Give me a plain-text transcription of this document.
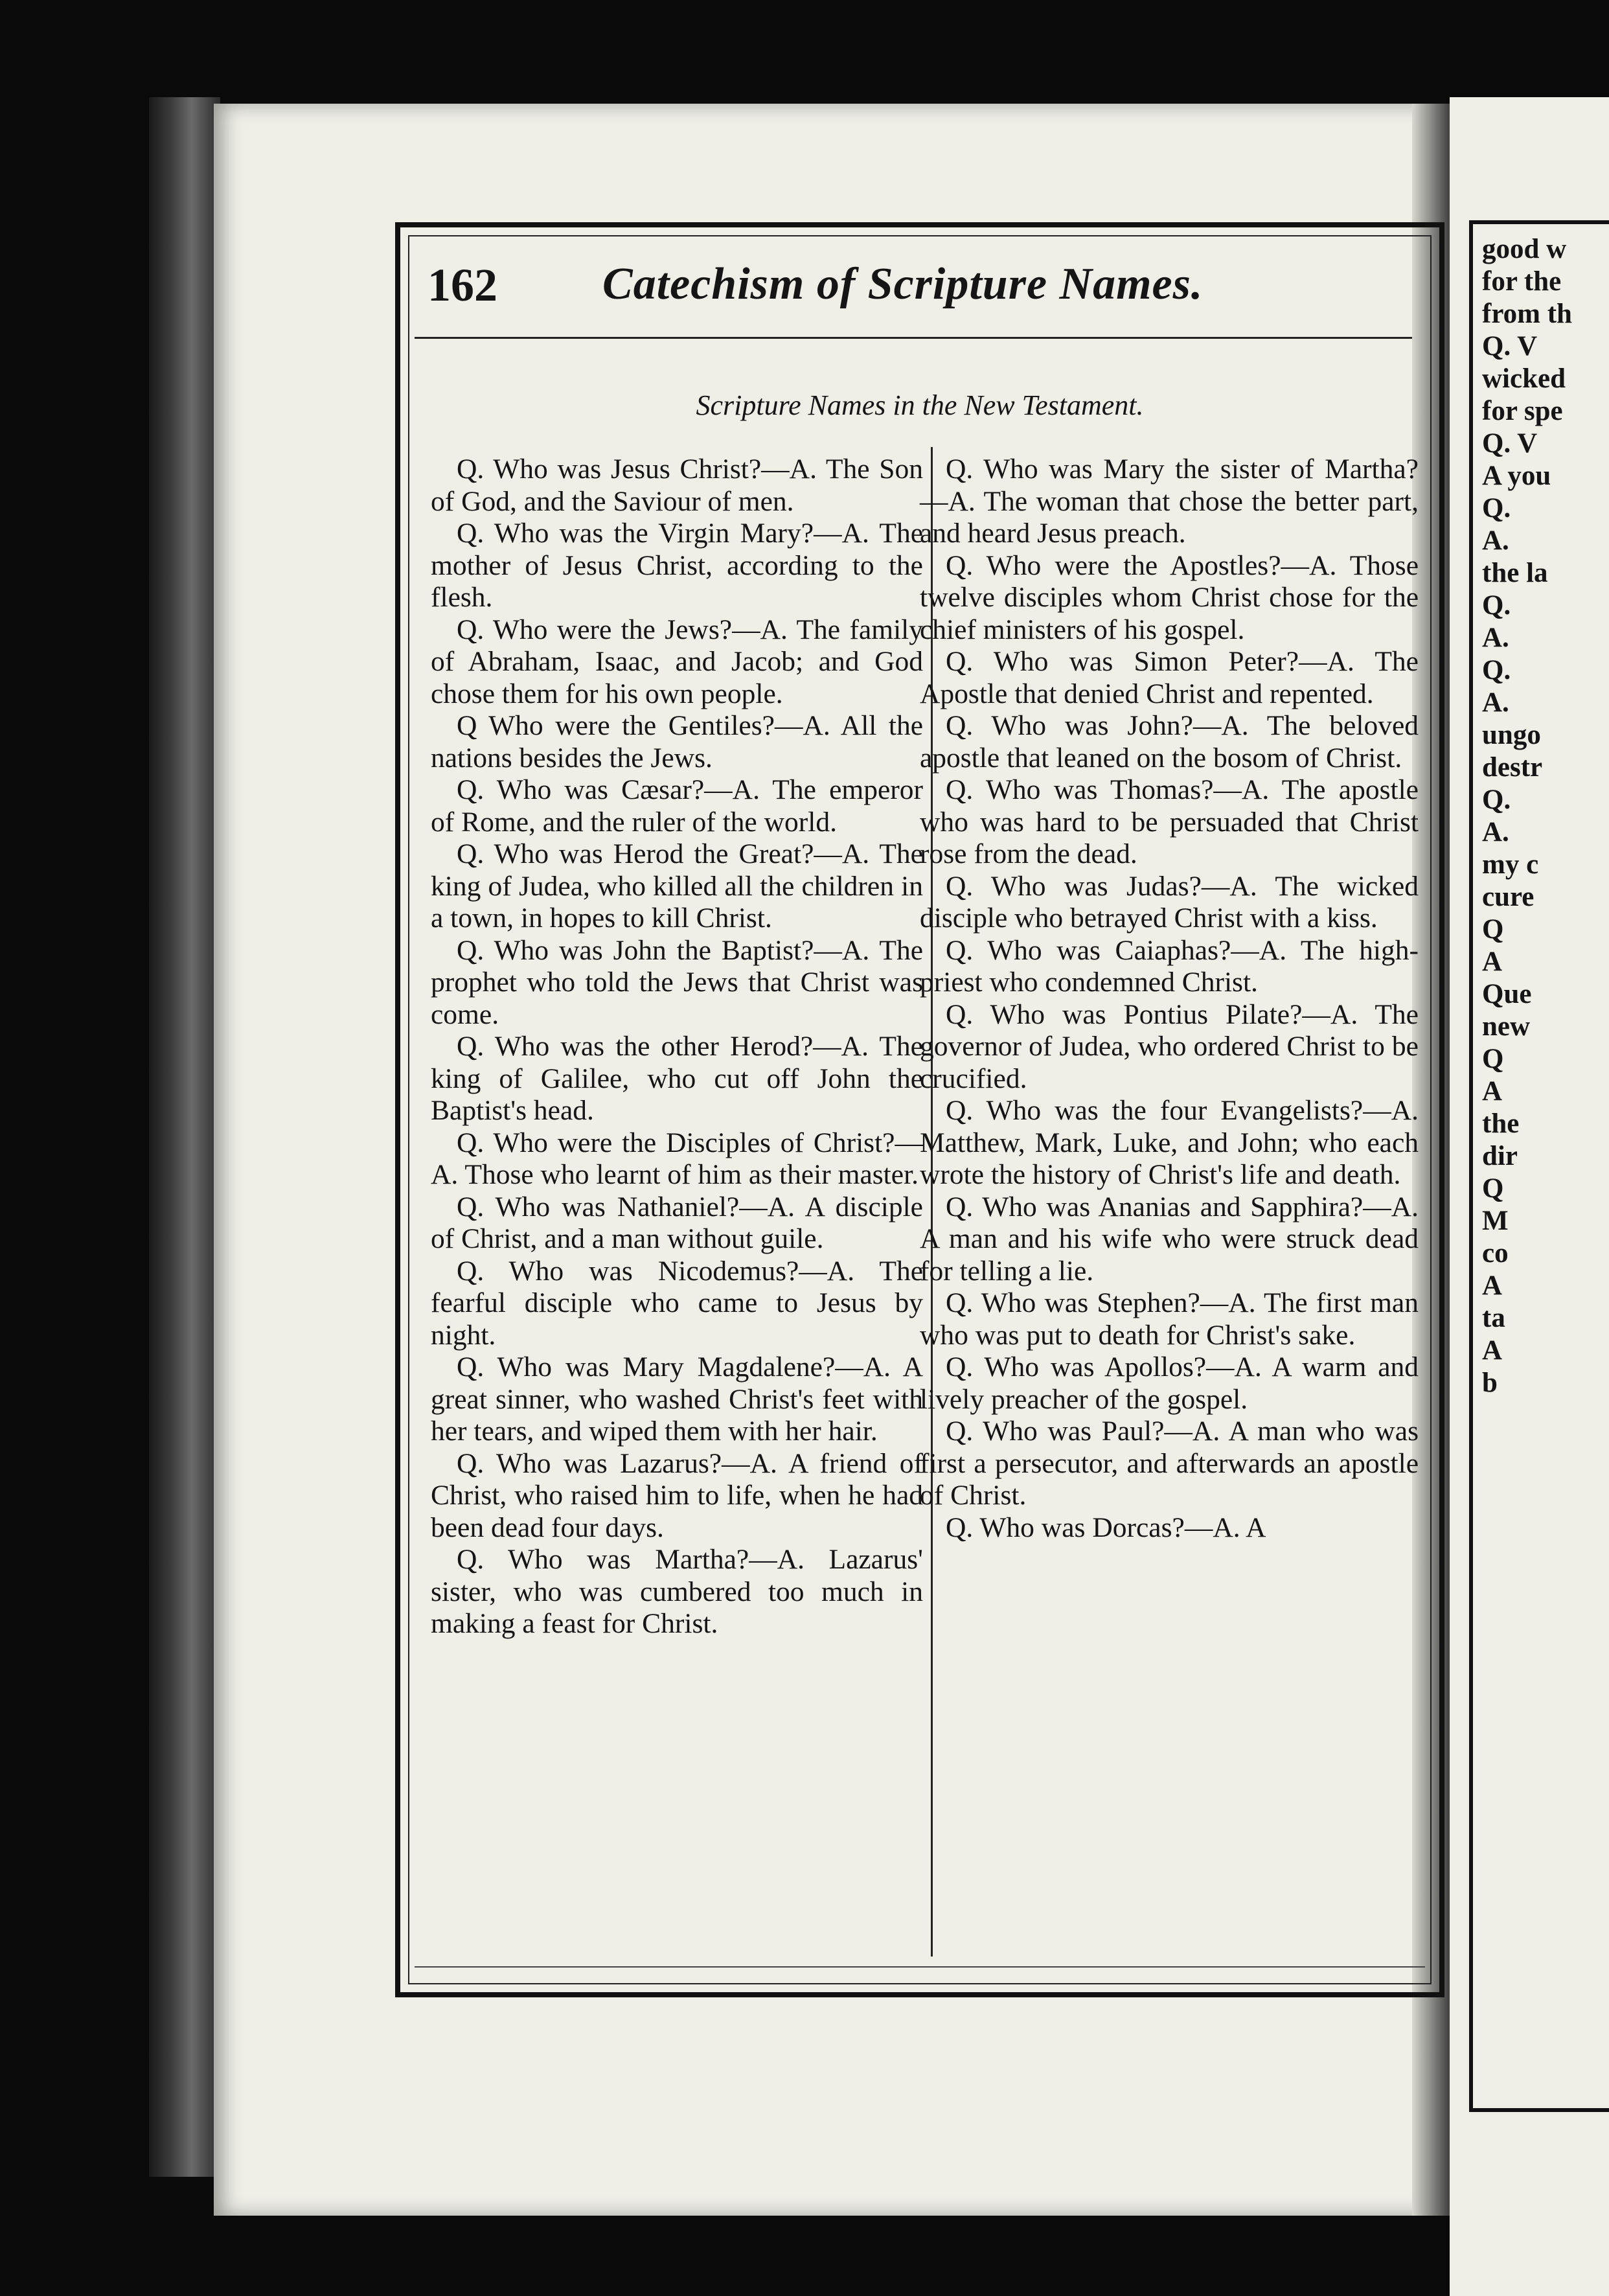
162 Catechism of Scripture Names.
Scripture Names in the New Testament.

Q. Who was Jesus Christ?—A. The Son of God, and the Saviour of men.

Q. Who was the Virgin Mary?—A. The mother of Jesus Christ, according to the flesh.

Q. Who were the Jews?—A. The family of Abraham, Isaac, and Jacob; and God chose them for his own people.

Q Who were the Gentiles?—A. All the nations besides the Jews.

Q. Who was Cæsar?—A. The emperor of Rome, and the ruler of the world.

Q. Who was Herod the Great?—A. The king of Judea, who killed all the children in a town, in hopes to kill Christ.

Q. Who was John the Baptist?—A. The prophet who told the Jews that Christ was come.

Q. Who was the other Herod?—A. The king of Galilee, who cut off John the Baptist's head.

Q. Who were the Disciples of Christ?—A. Those who learnt of him as their master.

Q. Who was Nathaniel?—A. A disciple of Christ, and a man without guile.

Q. Who was Nicodemus?—A. The fearful disciple who came to Jesus by night.

Q. Who was Mary Magdalene?—A. A great sinner, who washed Christ's feet with her tears, and wiped them with her hair.

Q. Who was Lazarus?—A. A friend of Christ, who raised him to life, when he had been dead four days.

Q. Who was Martha?—A. Lazarus' sister, who was cumbered too much in making a feast for Christ.

Q. Who was Mary the sister of Martha?—A. The woman that chose the better part, and heard Jesus preach.

Q. Who were the Apostles?—A. Those twelve disciples whom Christ chose for the chief ministers of his gospel.

Q. Who was Simon Peter?—A. The Apostle that denied Christ and repented.

Q. Who was John?—A. The beloved apostle that leaned on the bosom of Christ.

Q. Who was Thomas?—A. The apostle who was hard to be persuaded that Christ rose from the dead.

Q. Who was Judas?—A. The wicked disciple who betrayed Christ with a kiss.

Q. Who was Caiaphas?—A. The high-priest who condemned Christ.

Q. Who was Pontius Pilate?—A. The governor of Judea, who ordered Christ to be crucified.

Q. Who was the four Evangelists?—A. Matthew, Mark, Luke, and John; who each wrote the history of Christ's life and death.

Q. Who was Ananias and Sapphira?—A. A man and his wife who were struck dead for telling a lie.

Q. Who was Stephen?—A. The first man who was put to death for Christ's sake.

Q. Who was Apollos?—A. A warm and lively preacher of the gospel.

Q. Who was Paul?—A. A man who was first a persecutor, and afterwards an apostle of Christ.

Q. Who was Dorcas?—A. A

good w
for the
from th
Q. V
wicked
for spe
Q. V
A you
Q.
A.
the la
Q.
A.
Q.
A.
ungo
destr
Q.
A.
my c
cure
Q
A
Que
new
Q
A
the
dir
Q
M
co
A
ta
A
b
